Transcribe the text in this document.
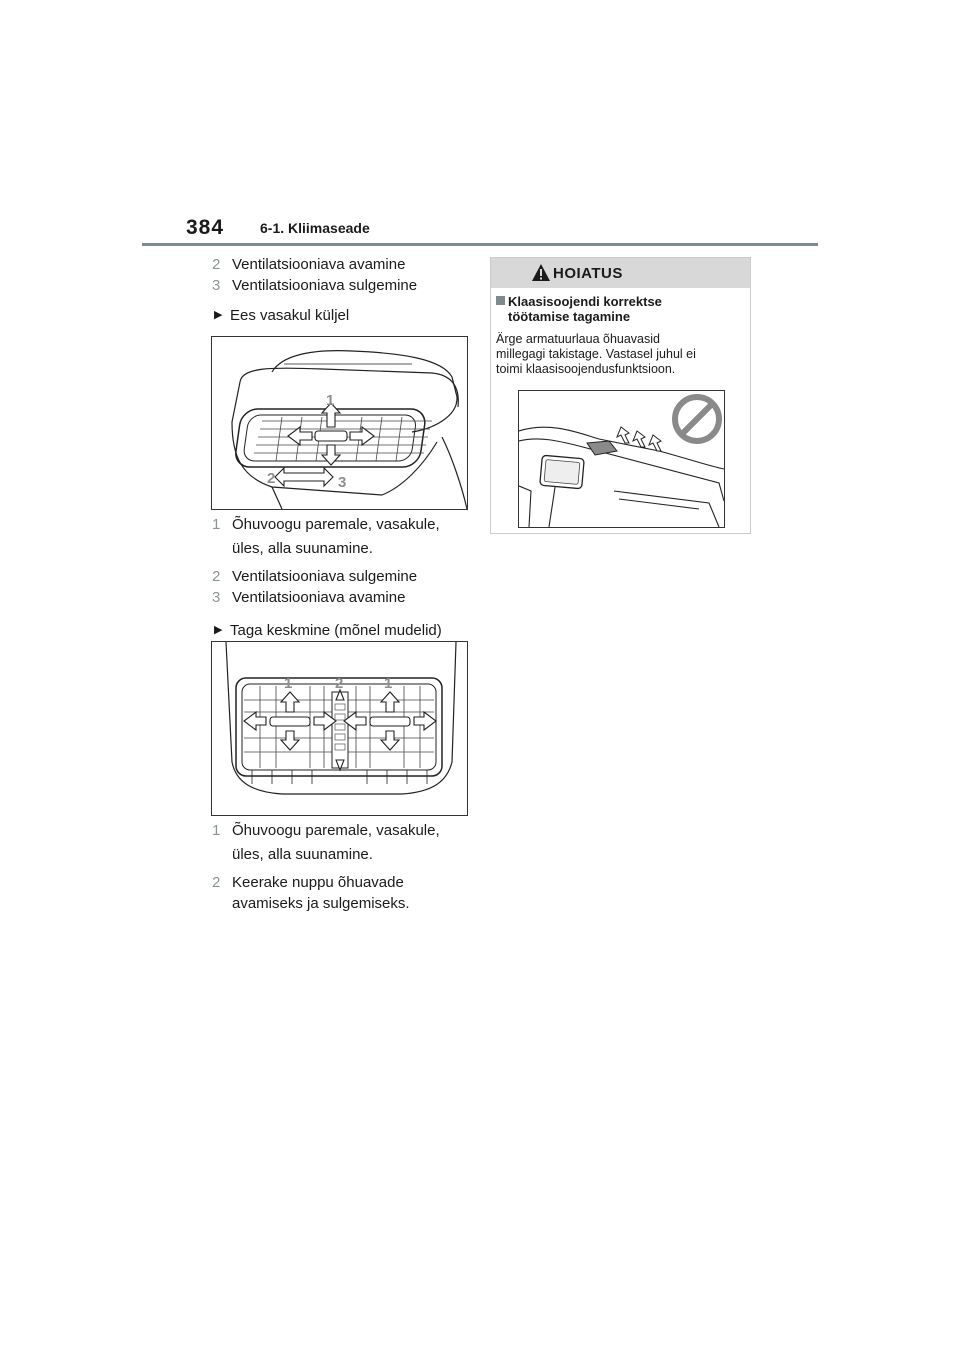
384	6-1. Kliimaseade
2 Ventilatsiooniava avamine
3 Ventilatsiooniava sulgemine
▶ Ees vasakul küljel
1
2	3
1 Õhuvoogu paremale, vasakule,
üles, alla suunamine.
2 Ventilatsiooniava sulgemine
3 Ventilatsiooniava avamine
▶ Taga keskmine (mõnel mudelid)
1	2	1
1 Õhuvoogu paremale, vasakule,
üles, alla suunamine.
2 Keerake nuppu õhuavade
avamiseks ja sulgemiseks.
HOIATUS
Klaasisoojendi korrektse
töötamise tagamine
Ärge armatuurlaua õhuavasid
millegagi takistage. Vastasel juhul ei
toimi klaasisoojendusfunktsioon.
